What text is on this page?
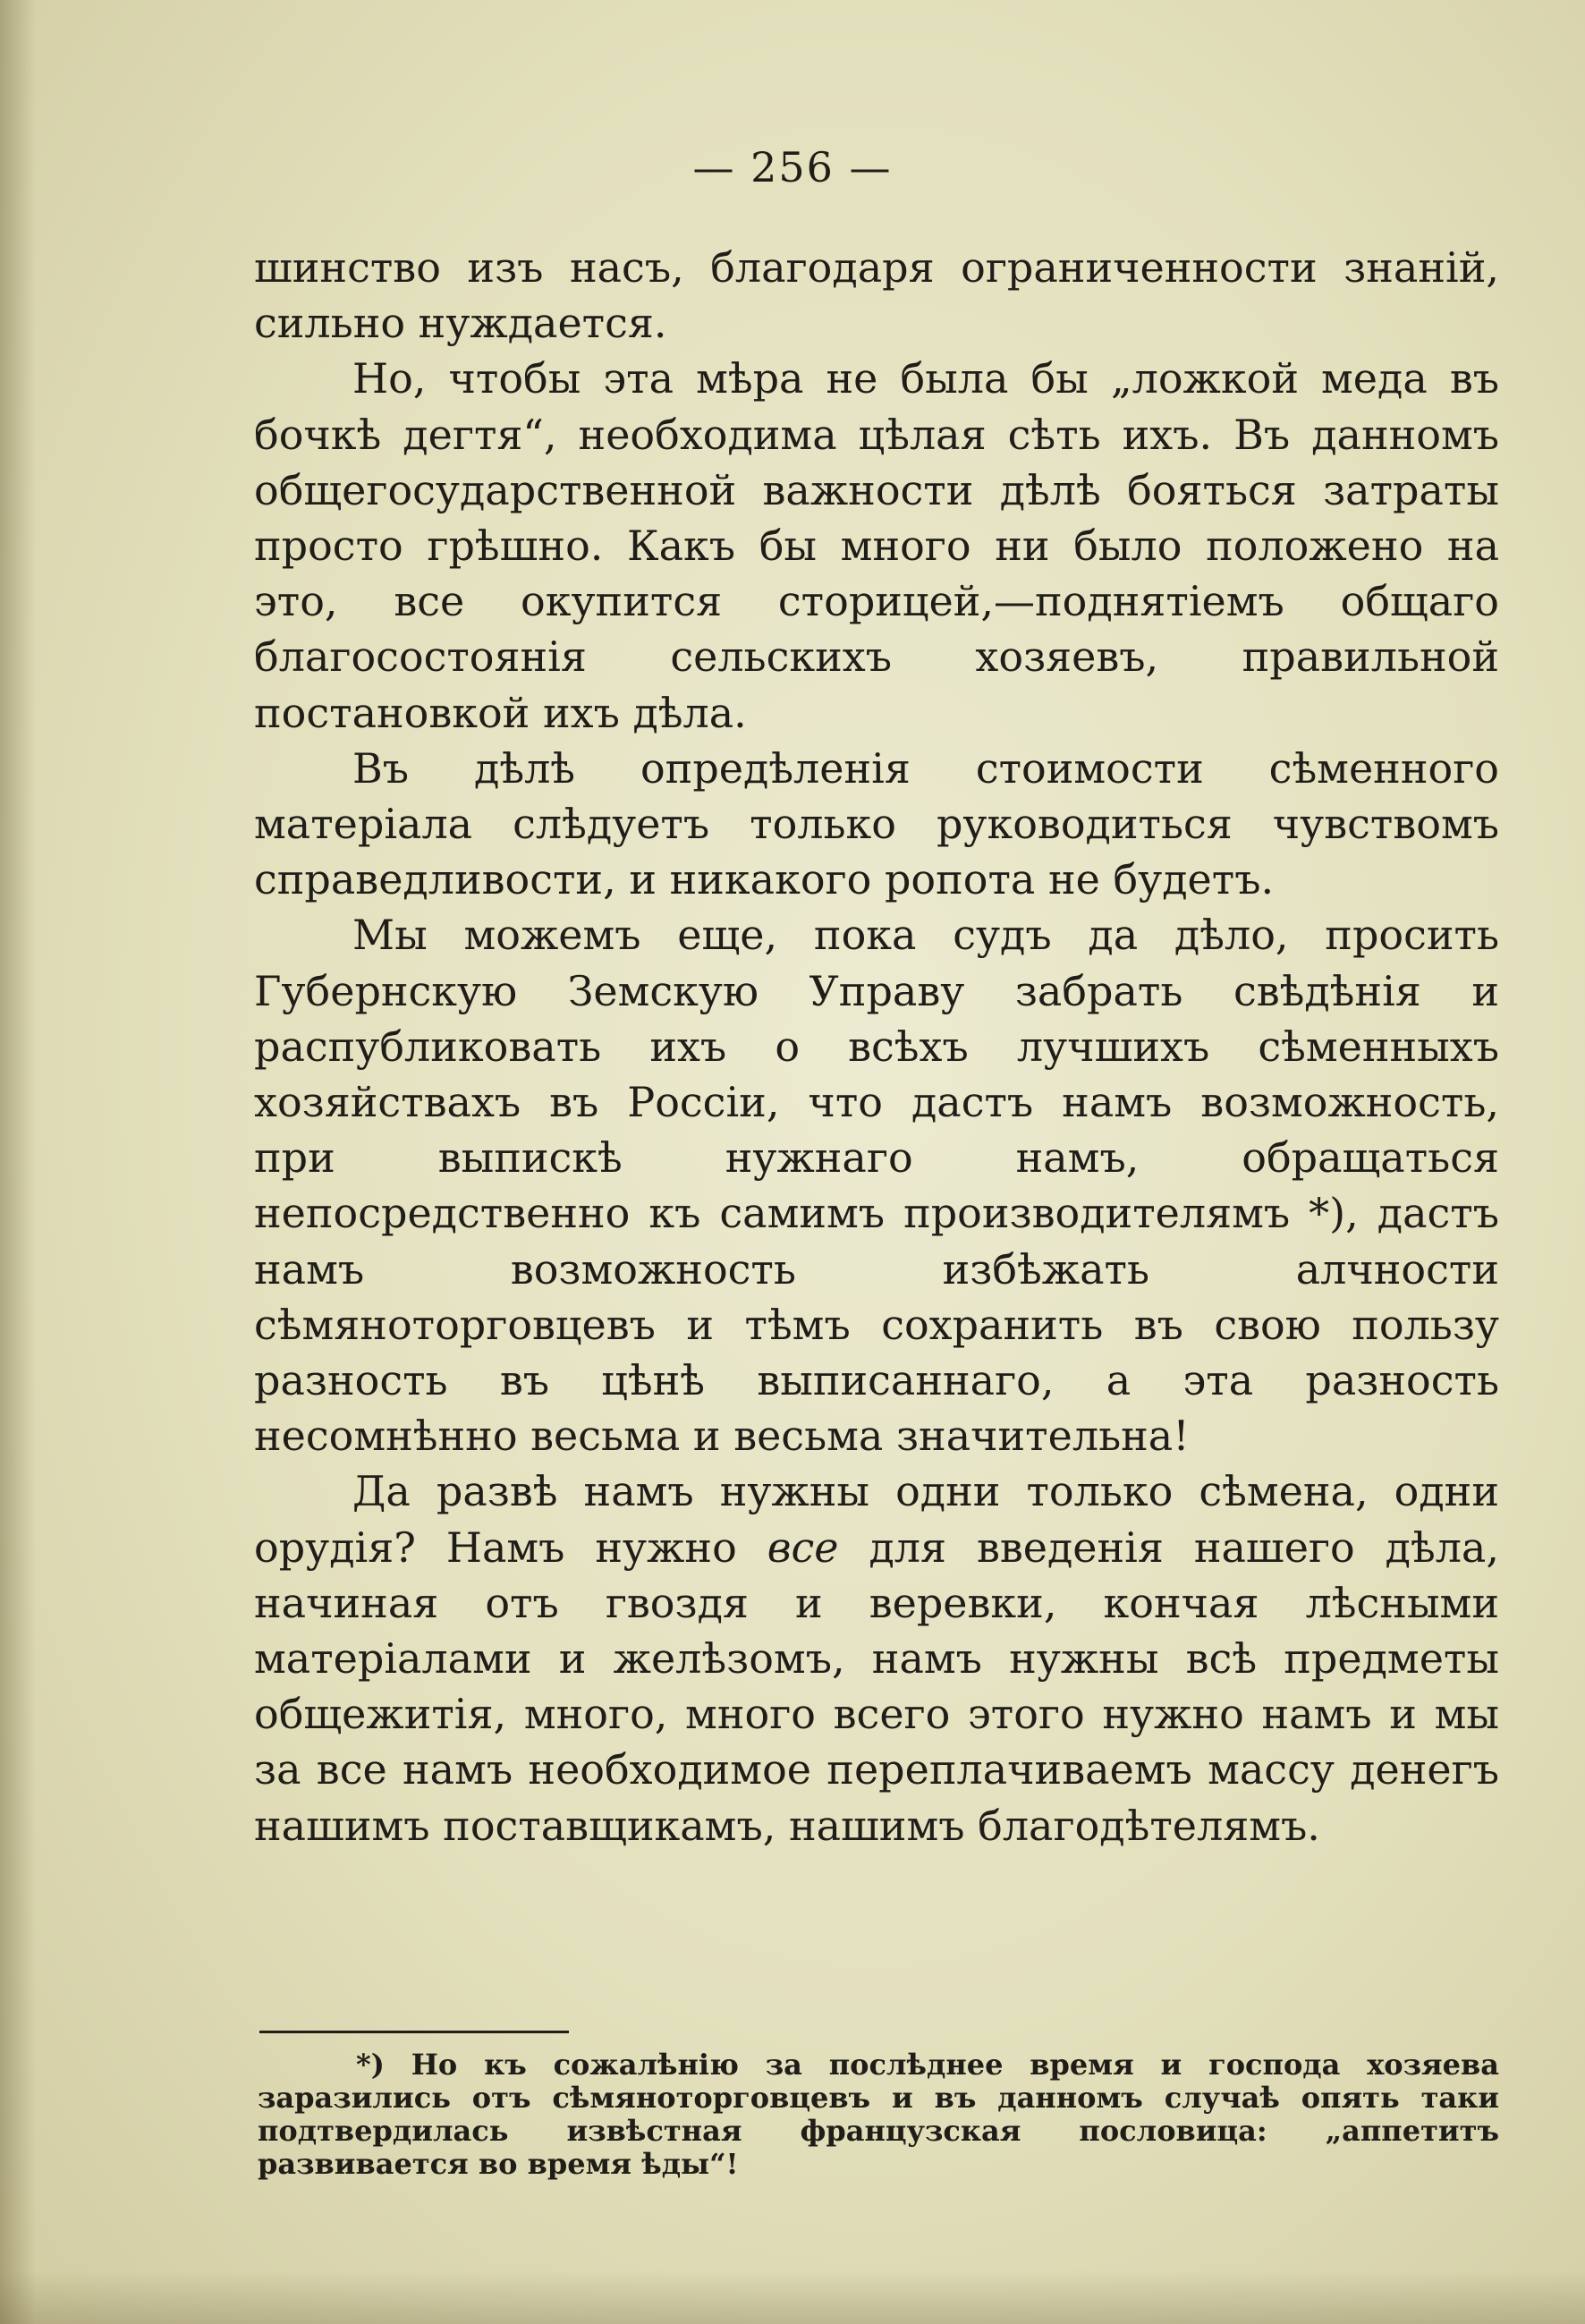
— 256 —

шинство изъ насъ, благодаря ограниченности знаній, сильно нуждается.

Но, чтобы эта мѣра не была бы „ложкой меда въ бочкѣ дегтя“, необходима цѣлая сѣть ихъ. Въ данномъ общегосударственной важности дѣлѣ бояться затраты просто грѣшно. Какъ бы много ни было положено на это, все окупится сторицей,—поднятіемъ общаго благосостоянія сельскихъ хозяевъ, правильной постановкой ихъ дѣла.

Въ дѣлѣ опредѣленія стоимости сѣменного матеріала слѣдуетъ только руководиться чувствомъ справедливости, и никакого ропота не будетъ.

Мы можемъ еще, пока судъ да дѣло, просить Губернскую Земскую Управу забрать свѣдѣнія и распубликовать ихъ о всѣхъ лучшихъ сѣменныхъ хозяйствахъ въ Россіи, что дастъ намъ возможность, при выпискѣ нужнаго намъ, обращаться непосредственно къ самимъ производителямъ *), дастъ намъ возможность избѣжать алчности сѣмяноторговцевъ и тѣмъ сохранить въ свою пользу разность въ цѣнѣ выписаннаго, а эта разность несомнѣнно весьма и весьма значительна!

Да развѣ намъ нужны одни только сѣмена, одни орудія? Намъ нужно все для введенія нашего дѣла, начиная отъ гвоздя и веревки, кончая лѣсными матеріалами и желѣзомъ, намъ нужны всѣ предметы общежитія, много, много всего этого нужно намъ и мы за все намъ необходимое переплачиваемъ массу денегъ нашимъ поставщикамъ, нашимъ благодѣтелямъ.

*) Но къ сожалѣнію за послѣднее время и господа хозяева заразились отъ сѣмяноторговцевъ и въ данномъ случаѣ опять таки подтвердилась извѣстная французская пословица: „аппетитъ развивается во время ѣды“!
